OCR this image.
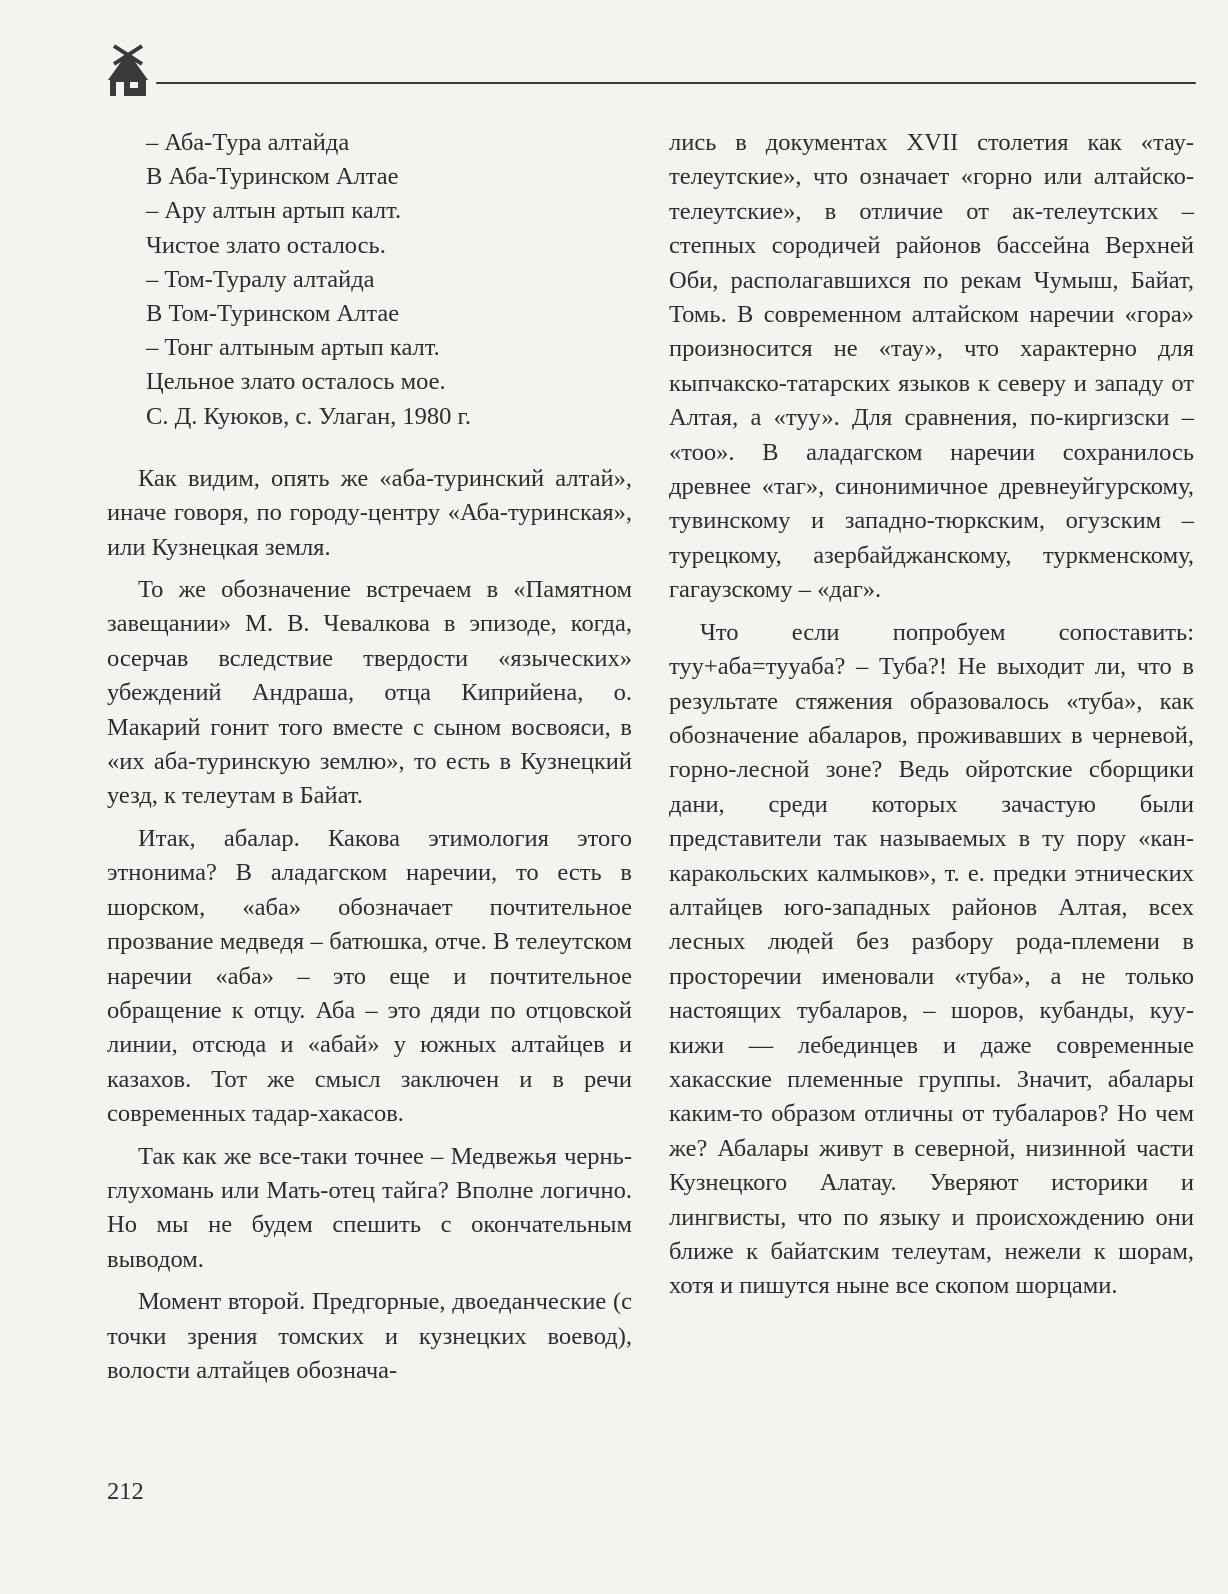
– Аба-Тура алтайда
В Аба-Туринском Алтае
– Ару алтын артып калт.
Чистое злато осталось.
– Том-Туралу алтайда
В Том-Туринском Алтае
– Тонг алтыным артып калт.
Цельное злато осталось мое.
С. Д. Куюков, с. Улаган, 1980 г.

Как видим, опять же «аба-туринский алтай», иначе говоря, по городу-центру «Аба-туринская», или Кузнецкая земля.

То же обозначение встречаем в «Памятном завещании» М. В. Чевалкова в эпизоде, когда, осерчав вследствие твердости «языческих» убеждений Андраша, отца Киприйена, о. Макарий гонит того вместе с сыном восвояси, в «их аба-туринскую землю», то есть в Кузнецкий уезд, к телеутам в Байат.

Итак, абалар. Какова этимология этого этнонима? В аладагском наречии, то есть в шорском, «аба» обозначает почтительное прозвание медведя – батюшка, отче. В телеутском наречии «аба» – это еще и почтительное обращение к отцу. Аба – это дяди по отцовской линии, отсюда и «абай» у южных алтайцев и казахов. Тот же смысл заключен и в речи современных тадар-хакасов.

Так как же все-таки точнее – Медвежья чернь-глухомань или Мать-отец тайга? Вполне логично. Но мы не будем спешить с окончательным выводом.

Момент второй. Предгорные, двоеданческие (с точки зрения томских и кузнецких воевод), волости алтайцев обознача-

лись в документах XVII столетия как «тау-телеутские», что означает «горно или алтайско-телеутские», в отличие от ак-телеутских – степных сородичей районов бассейна Верхней Оби, располагавшихся по рекам Чумыш, Байат, Томь. В современном алтайском наречии «гора» произносится не «тау», что характерно для кыпчакско-татарских языков к северу и западу от Алтая, а «туу». Для сравнения, по-киргизски – «тоо». В аладагском наречии сохранилось древнее «таг», синонимичное древнеуйгурскому, тувинскому и западно-тюркским, огузским – турецкому, азербайджанскому, туркменскому, гагаузскому – «даг».

Что если попробуем сопоставить: туу+аба=тууаба? – Туба?! Не выходит ли, что в результате стяжения образовалось «туба», как обозначение абаларов, проживавших в черневой, горно-лесной зоне? Ведь ойротские сборщики дани, среди которых зачастую были представители так называемых в ту пору «кан-каракольских калмыков», т. е. предки этнических алтайцев юго-западных районов Алтая, всех лесных людей без разбору рода-племени в просторечии именовали «туба», а не только настоящих тубаларов, – шоров, кубанды, куу-кижи — лебединцев и даже современные хакасские племенные группы. Значит, абалары каким-то образом отличны от тубаларов? Но чем же? Абалары живут в северной, низинной части Кузнецкого Алатау. Уверяют историки и лингвисты, что по языку и происхождению они ближе к байатским телеутам, нежели к шорам, хотя и пишутся ныне все скопом шорцами.

212
